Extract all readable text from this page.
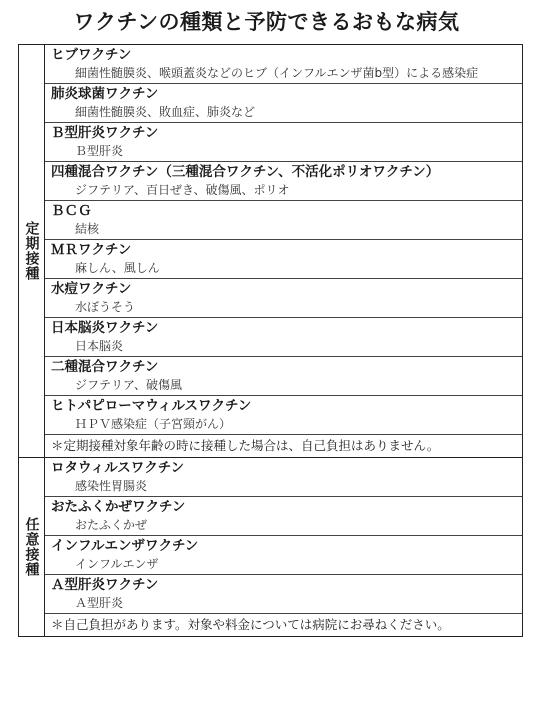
ワクチンの種類と予防できるおもな病気
定期接種
ヒブワクチン
細菌性髄膜炎、喉頭蓋炎などのヒブ（インフルエンザ菌b型）による感染症
肺炎球菌ワクチン
細菌性髄膜炎、敗血症、肺炎など
Ｂ型肝炎ワクチン
Ｂ型肝炎
四種混合ワクチン（三種混合ワクチン、不活化ポリオワクチン）
ジフテリア、百日ぜき、破傷風、ポリオ
ＢＣＧ
結核
ＭＲワクチン
麻しん、風しん
水痘ワクチン
水ぼうそう
日本脳炎ワクチン
日本脳炎
二種混合ワクチン
ジフテリア、破傷風
ヒトパピローマウィルスワクチン
ＨＰＶ感染症（子宮頸がん）
＊定期接種対象年齢の時に接種した場合は、自己負担はありません。
任意接種
ロタウィルスワクチン
感染性胃腸炎
おたふくかぜワクチン
おたふくかぜ
インフルエンザワクチン
インフルエンザ
Ａ型肝炎ワクチン
Ａ型肝炎
＊自己負担があります。対象や料金については病院にお尋ねください。
